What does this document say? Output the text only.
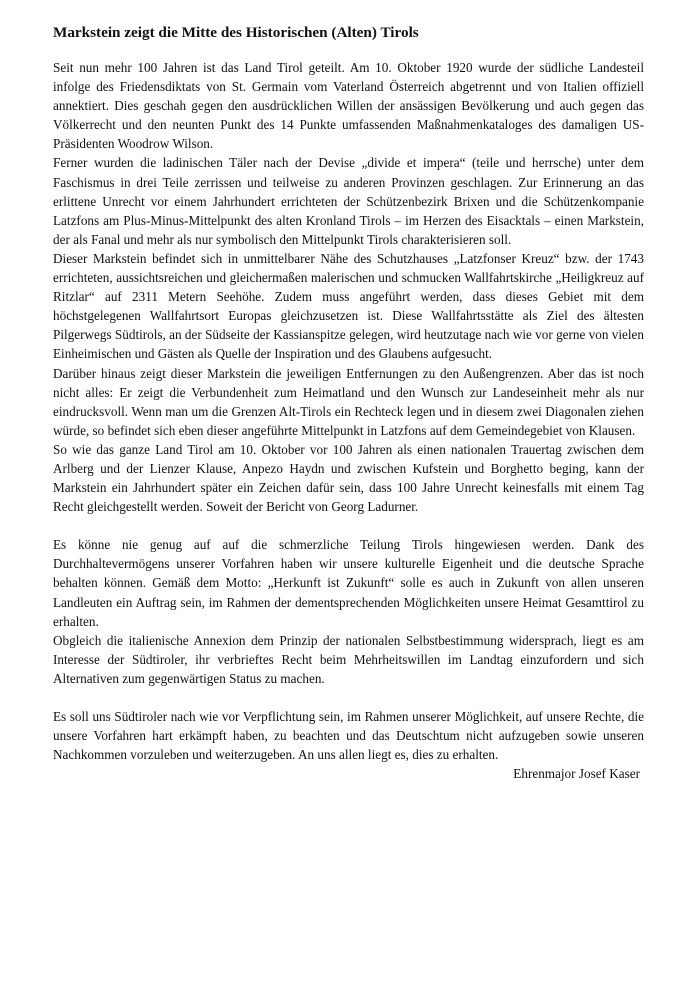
Markstein zeigt die Mitte des Historischen (Alten) Tirols

Seit nun mehr 100 Jahren ist das Land Tirol geteilt. Am 10. Oktober 1920 wurde der südliche Landesteil infolge des Friedensdiktats von St. Germain vom Vaterland Österreich abgetrennt und von Italien offiziell annektiert. Dies geschah gegen den ausdrücklichen Willen der ansässigen Bevölkerung und auch gegen das Völkerrecht und den neunten Punkt des 14 Punkte umfassenden Maßnahmenkataloges des damaligen US-Präsidenten Woodrow Wilson.

Ferner wurden die ladinischen Täler nach der Devise „divide et impera“ (teile und herrsche) unter dem Faschismus in drei Teile zerrissen und teilweise zu anderen Provinzen geschlagen. Zur Erinnerung an das erlittene Unrecht vor einem Jahrhundert errichteten der Schützenbezirk Brixen und die Schützenkompanie Latzfons am Plus-Minus-Mittelpunkt des alten Kronland Tirols – im Herzen des Eisacktals – einen Markstein, der als Fanal und mehr als nur symbolisch den Mittelpunkt Tirols charakterisieren soll.

Dieser Markstein befindet sich in unmittelbarer Nähe des Schutzhauses „Latzfonser Kreuz“ bzw. der 1743 errichteten, aussichtsreichen und gleichermaßen malerischen und schmucken Wallfahrtskirche „Heiligkreuz auf Ritzlar“ auf 2311 Metern Seehöhe. Zudem muss angeführt werden, dass dieses Gebiet mit dem höchstgelegenen Wallfahrtsort Europas gleichzusetzen ist. Diese Wallfahrtsstätte als Ziel des ältesten Pilgerwegs Südtirols, an der Südseite der Kassianspitze gelegen, wird heutzutage nach wie vor gerne von vielen Einheimischen und Gästen als Quelle der Inspiration und des Glaubens aufgesucht.

Darüber hinaus zeigt dieser Markstein die jeweiligen Entfernungen zu den Außengrenzen. Aber das ist noch nicht alles: Er zeigt die Verbundenheit zum Heimatland und den Wunsch zur Landeseinheit mehr als nur eindrucksvoll. Wenn man um die Grenzen Alt-Tirols ein Rechteck legen und in diesem zwei Diagonalen ziehen würde, so befindet sich eben dieser angeführte Mittelpunkt in Latzfons auf dem Gemeindegebiet von Klausen.

So wie das ganze Land Tirol am 10. Oktober vor 100 Jahren als einen nationalen Trauertag zwischen dem Arlberg und der Lienzer Klause, Anpezo Haydn und zwischen Kufstein und Borghetto beging, kann der Markstein ein Jahrhundert später ein Zeichen dafür sein, dass 100 Jahre Unrecht keinesfalls mit einem Tag Recht gleichgestellt werden. Soweit der Bericht von Georg Ladurner.

Es könne nie genug auf auf die schmerzliche Teilung Tirols hingewiesen werden. Dank des Durchhaltevermögens unserer Vorfahren haben wir unsere kulturelle Eigenheit und die deutsche Sprache behalten können. Gemäß dem Motto: „Herkunft ist Zukunft“ solle es auch in Zukunft von allen unseren Landleuten ein Auftrag sein, im Rahmen der dementsprechenden Möglichkeiten unsere Heimat Gesamttirol zu erhalten.

Obgleich die italienische Annexion dem Prinzip der nationalen Selbstbestimmung widersprach, liegt es am Interesse der Südtiroler, ihr verbrieftes Recht beim Mehrheitswillen im Landtag einzufordern und sich Alternativen zum gegenwärtigen Status zu machen.

Es soll uns Südtiroler nach wie vor Verpflichtung sein, im Rahmen unserer Möglichkeit, auf unsere Rechte, die unsere Vorfahren hart erkämpft haben, zu beachten und das Deutschtum nicht aufzugeben sowie unseren Nachkommen vorzuleben und weiterzugeben. An uns allen liegt es, dies zu erhalten.

Ehrenmajor Josef Kaser
